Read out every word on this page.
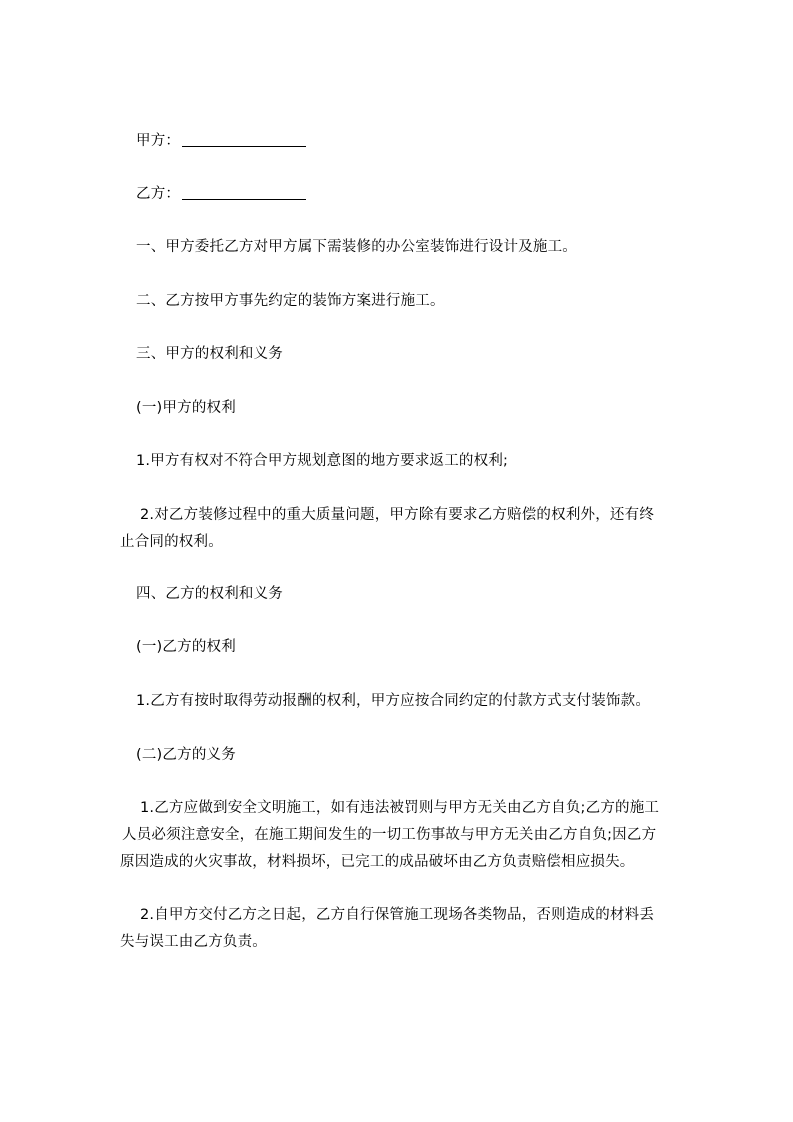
甲方：
乙方：
一、甲方委托乙方对甲方属下需装修的办公室装饰进行设计及施工。
二、乙方按甲方事先约定的装饰方案进行施工。
三、甲方的权利和义务
(一)甲方的权利
1.甲方有权对不符合甲方规划意图的地方要求返工的权利;
2.对乙方装修过程中的重大质量问题，甲方除有要求乙方赔偿的权利外，还有终
止合同的权利。
四、乙方的权利和义务
(一)乙方的权利
1.乙方有按时取得劳动报酬的权利，甲方应按合同约定的付款方式支付装饰款。
(二)乙方的义务
1.乙方应做到安全文明施工，如有违法被罚则与甲方无关由乙方自负;乙方的施工
人员必须注意安全，在施工期间发生的一切工伤事故与甲方无关由乙方自负;因乙方
原因造成的火灾事故，材料损坏，已完工的成品破坏由乙方负责赔偿相应损失。
2.自甲方交付乙方之日起，乙方自行保管施工现场各类物品，否则造成的材料丢
失与误工由乙方负责。
